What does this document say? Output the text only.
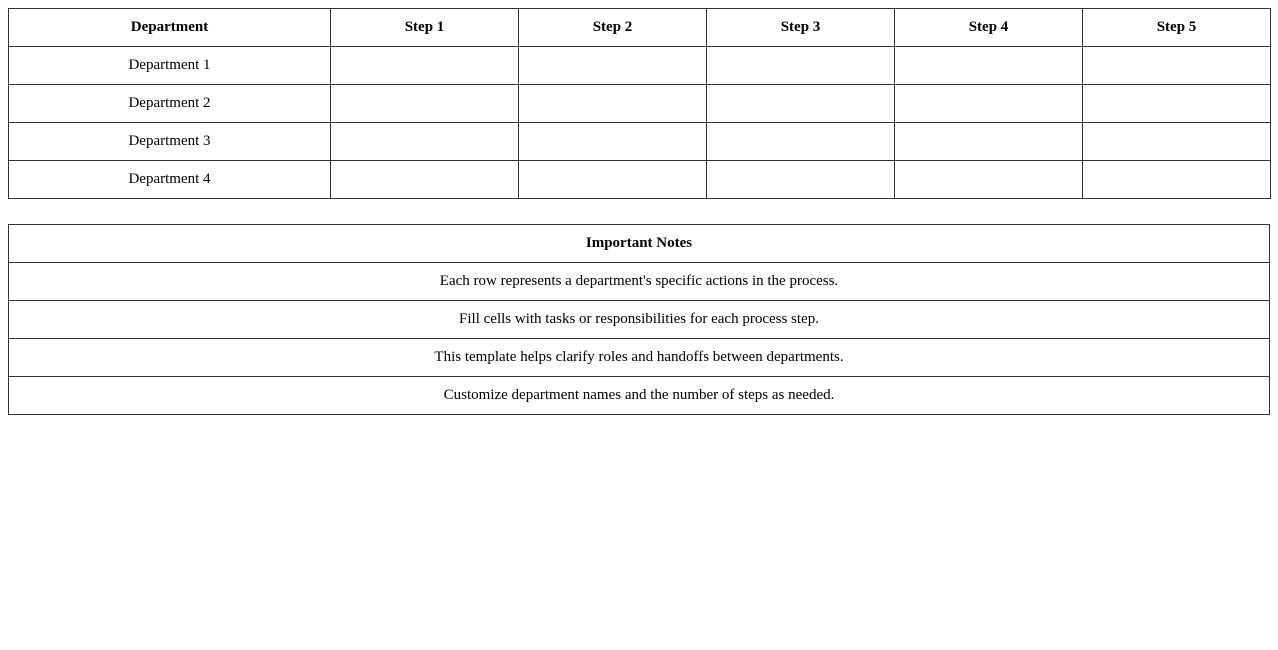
Department	Step 1	Step 2	Step 3	Step 4	Step 5
Department 1					
Department 2					
Department 3					
Department 4					
Important Notes
Each row represents a department's specific actions in the process.
Fill cells with tasks or responsibilities for each process step.
This template helps clarify roles and handoffs between departments.
Customize department names and the number of steps as needed.
